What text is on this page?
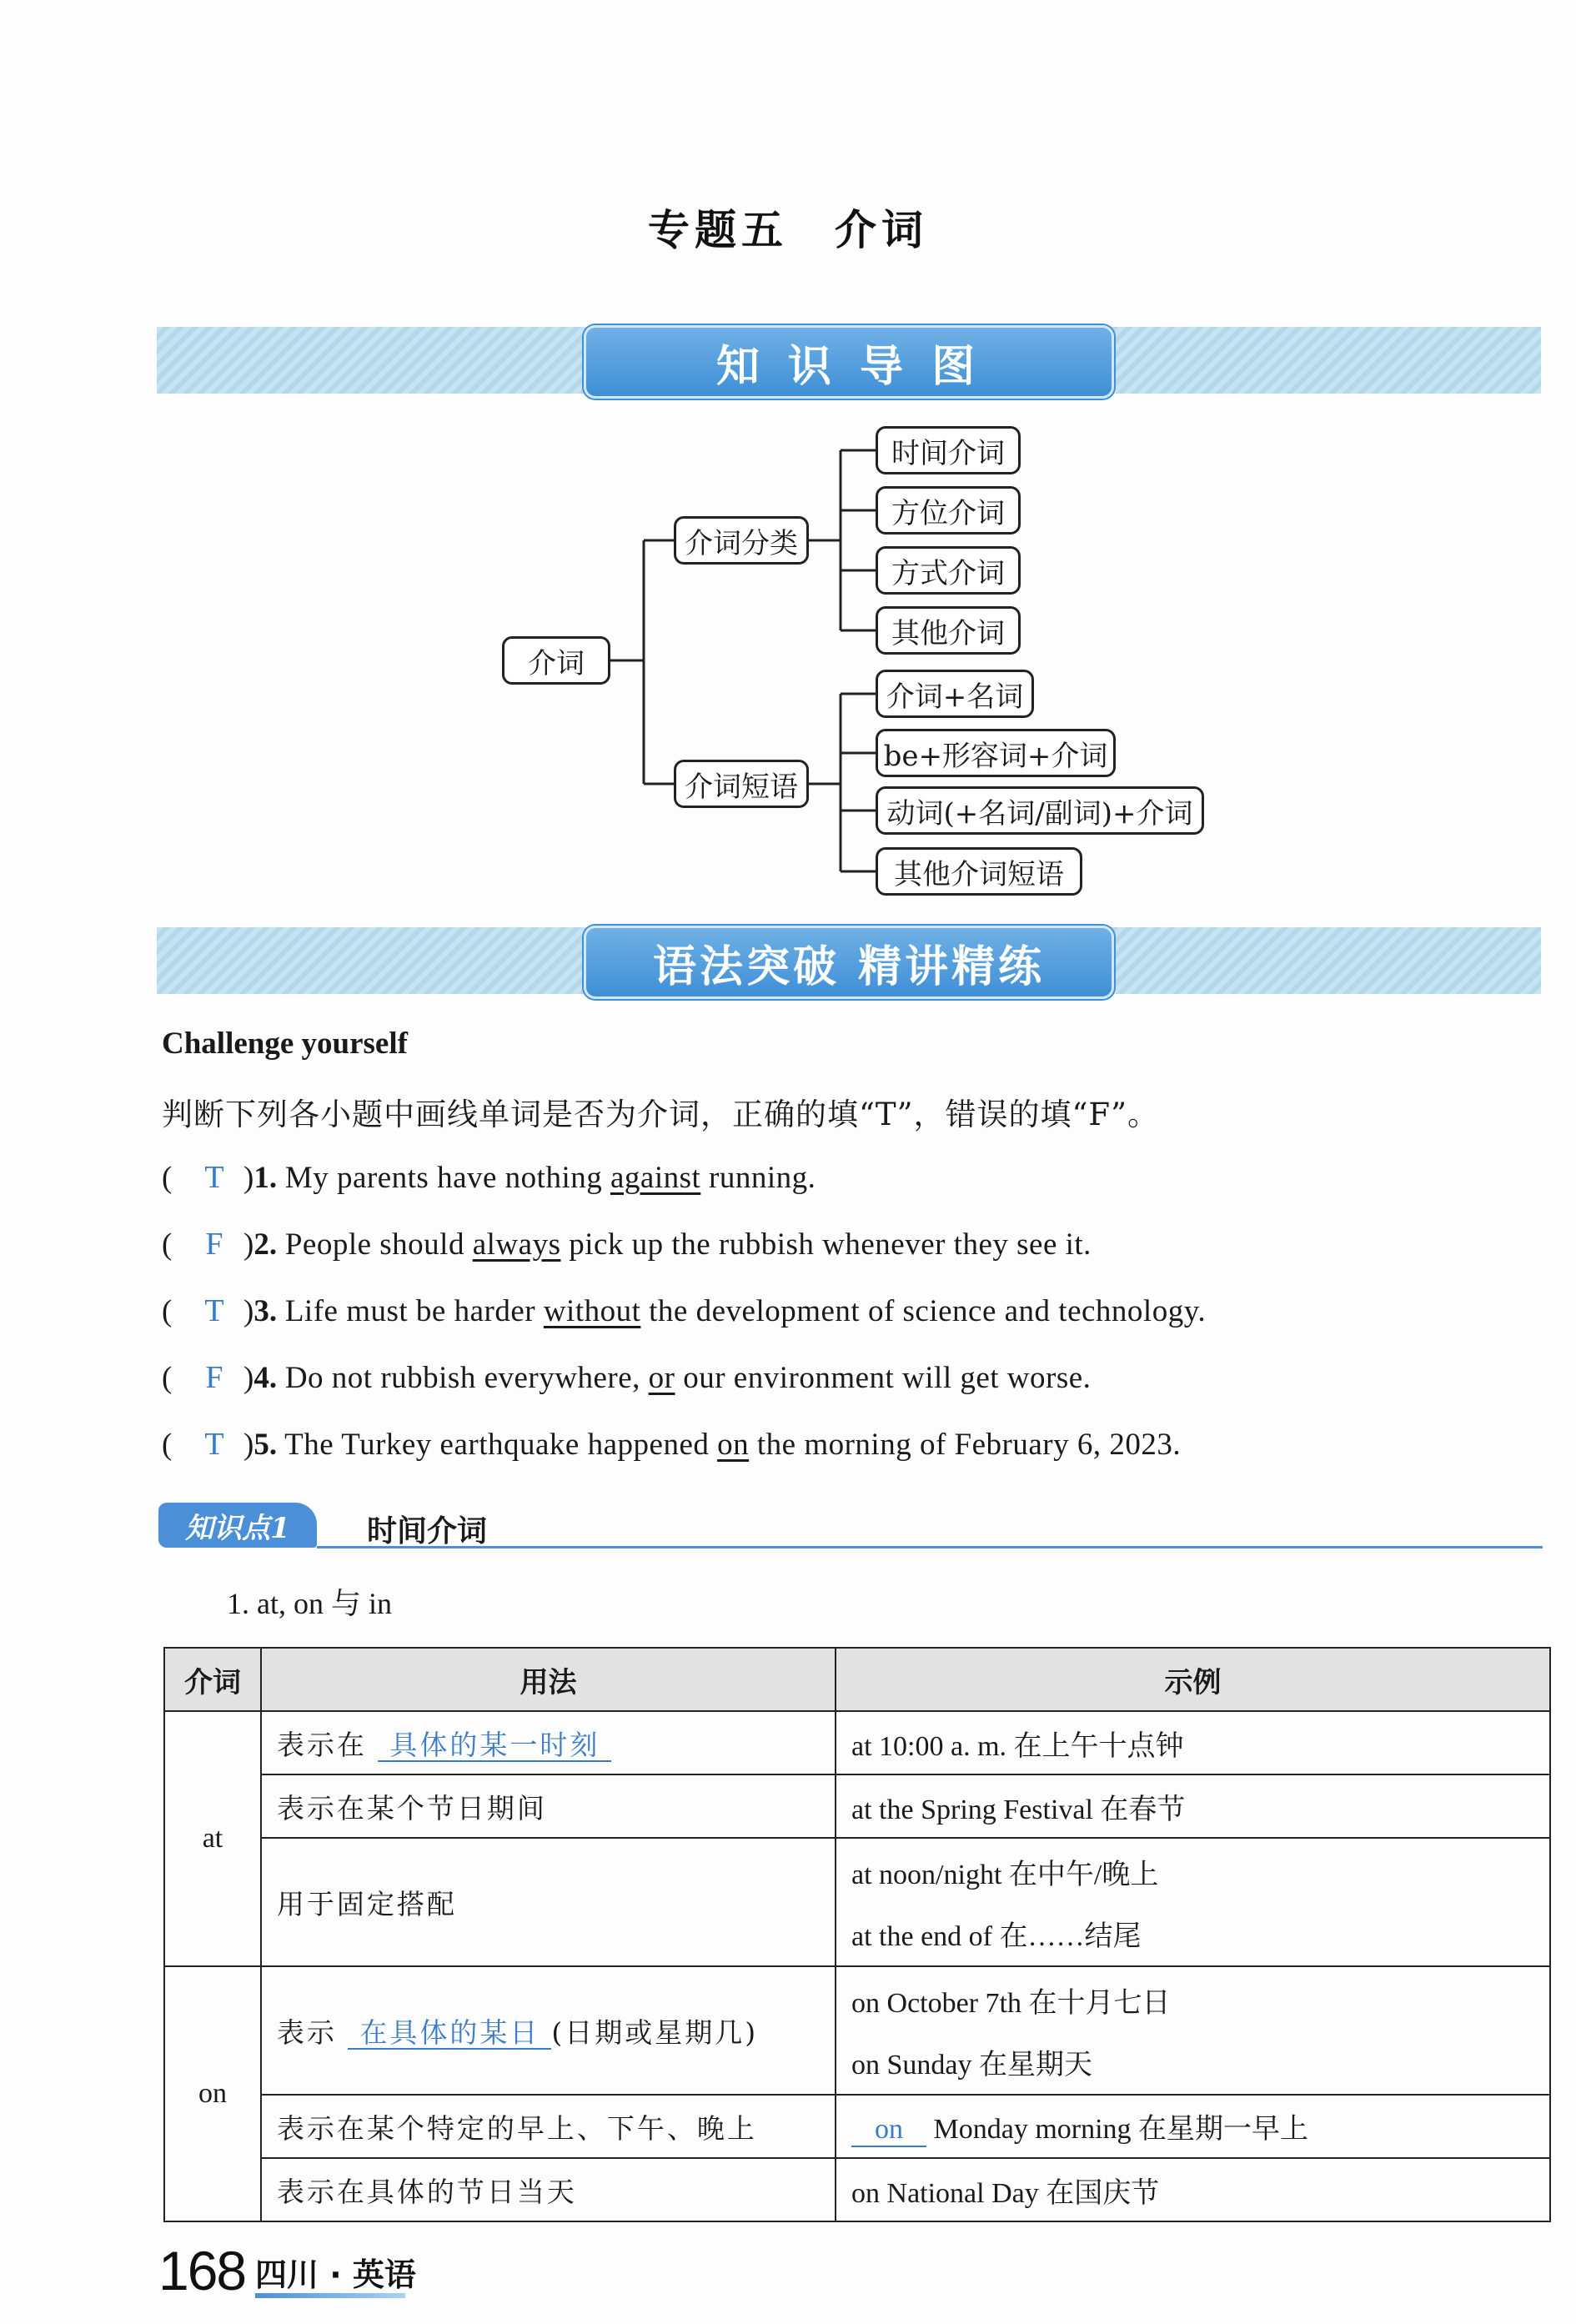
专题五　介词
知 识 导 图
介词
介词分类
介词短语
时间介词
方位介词
方式介词
其他介词
介词+名词
be+形容词+介词
动词(+名词/副词)+介词
其他介词短语
语法突破 精讲精练
Challenge yourself
判断下列各小题中画线单词是否为介词，正确的填“T”，错误的填“F”。
(	T ) 1. My parents have nothing against running.
(	F ) 2. People should always pick up the rubbish whenever they see it.
(	T ) 3. Life must be harder without the development of science and technology.
(	F ) 4. Do not rubbish everywhere, or our environment will get worse.
(	T ) 5. The Turkey earthquake happened on the morning of February 6, 2023.
知识点1	时间介词
1. at, on 与 in
介词	用法	示例
at	表示在 具体的某一时刻	at 10:00 a. m. 在上午十点钟
	表示在某个节日期间	at the Spring Festival 在春节
	用于固定搭配	at noon/night 在中午/晚上
at the end of 在……结尾

on	表示 在具体的某日 (日期或星期几)	on October 7th 在十月七日
on Sunday 在星期天

	表示在某个特定的早上、下午、晚上	on Monday morning 在星期一早上
	表示在具体的节日当天	on National Day 在国庆节
168 四川 · 英语
